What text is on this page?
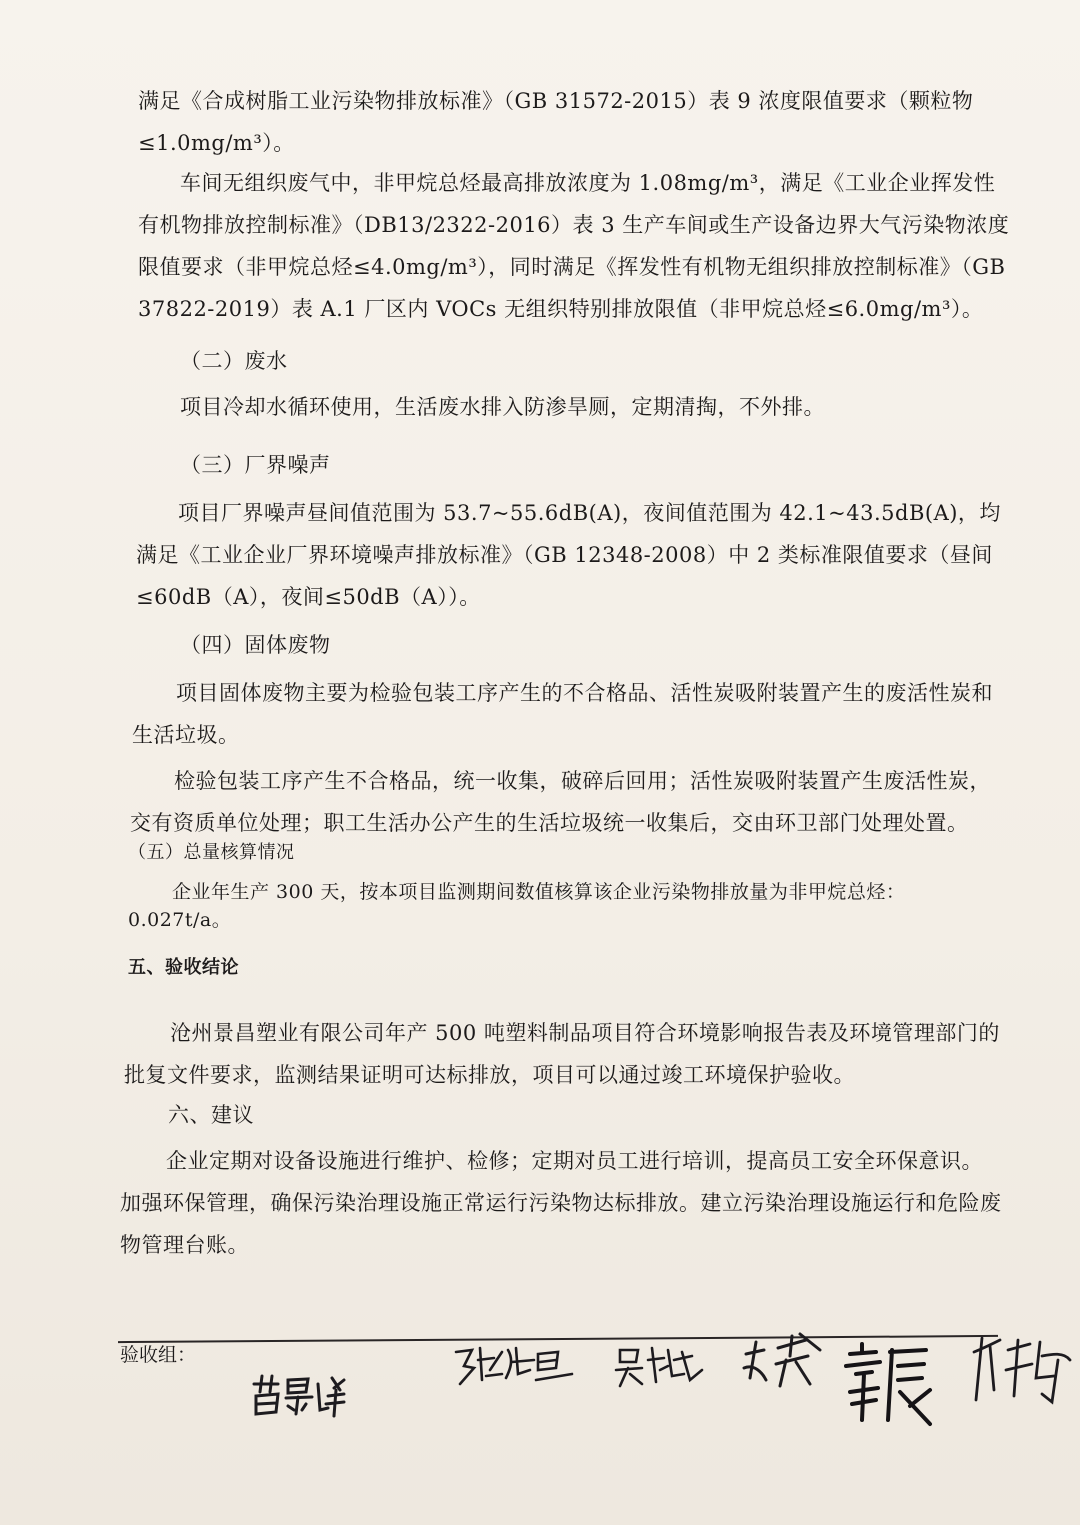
满足《合成树脂工业污染物排放标准》（GB 31572-2015）表 9 浓度限值要求（颗粒物≤1.0mg/m³）。

车间无组织废气中，非甲烷总烃最高排放浓度为 1.08mg/m³，满足《工业企业挥发性有机物排放控制标准》（DB13/2322-2016）表 3 生产车间或生产设备边界大气污染物浓度限值要求（非甲烷总烃≤4.0mg/m³），同时满足《挥发性有机物无组织排放控制标准》（GB 37822-2019）表 A.1 厂区内 VOCs 无组织特别排放限值（非甲烷总烃≤6.0mg/m³）。

（二）废水

项目冷却水循环使用，生活废水排入防渗旱厕，定期清掏，不外排。

（三）厂界噪声

项目厂界噪声昼间值范围为 53.7~55.6dB(A)，夜间值范围为 42.1~43.5dB(A)，均满足《工业企业厂界环境噪声排放标准》（GB 12348-2008）中 2 类标准限值要求（昼间≤60dB（A），夜间≤50dB（A））。

（四）固体废物

项目固体废物主要为检验包装工序产生的不合格品、活性炭吸附装置产生的废活性炭和生活垃圾。

检验包装工序产生不合格品，统一收集，破碎后回用；活性炭吸附装置产生废活性炭，交有资质单位处理；职工生活办公产生的生活垃圾统一收集后，交由环卫部门处理处置。

（五）总量核算情况

企业年生产 300 天，按本项目监测期间数值核算该企业污染物排放量为非甲烷总烃：0.027t/a。

五、验收结论

沧州景昌塑业有限公司年产 500 吨塑料制品项目符合环境影响报告表及环境管理部门的批复文件要求，监测结果证明可达标排放，项目可以通过竣工环境保护验收。

六、建议

企业定期对设备设施进行维护、检修；定期对员工进行培训，提高员工安全环保意识。加强环保管理，确保污染治理设施正常运行污染物达标排放。建立污染治理设施运行和危险废物管理台账。

验收组：
